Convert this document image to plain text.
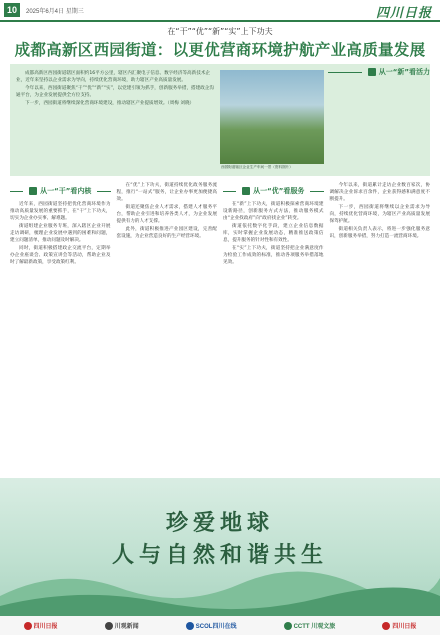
10	2025年6月4日 星期三	四川日报
在“干”“优”“新”“实”上下功夫
成都高新区西园街道：以更优营商环境护航产业高质量发展

成都高新区西园街道辖区面积约16平方公里，辖区内汇聚电子信息、数字经济等高新技术企业，近年来坚持以企业需求为导向，持续优化营商环境，助力辖区产业高质量发展。

今年以来，西园街道聚焦“干”“优”“新”“实”，以党建引领为抓手，创新服务举措，搭建政企沟通平台，为企业发展提供全方位支持。

下一步，西园街道将继续深化营商环境建设，推动辖区产业提质增效。（周梅 刘晓）

西园街道辖区企业生产车间一景（资料图片）
从一“新”看活力
从一“干”看内核

近年来，西园街道坚持把优化营商环境作为推动高质量发展的重要抓手，在“干”上下功夫，切实为企业办实事、解难题。

街道组建企业服务专班，深入辖区企业开展走访调研，梳理企业发展中遇到的困难和问题，建立问题清单，推动问题及时解决。

同时，街道积极搭建政企交流平台，定期举办企业座谈会、政策宣讲会等活动，帮助企业及时了解最新政策，享受政策红利。

在“优”上下功夫，街道持续优化政务服务流程，推行“一站式”服务，让企业办事更加便捷高效。

街道还聚焦企业人才需求，搭建人才服务平台，帮助企业引进和培养各类人才，为企业发展提供有力的人才支撑。

此外，街道积极推进产业园区建设，完善配套设施，为企业营造良好的生产经营环境。

从一“优”看服务

在“新”上下功夫，街道积极探索营商环境建设新路径，创新服务方式方法，推动服务模式由“企业找政府”向“政府找企业”转变。

街道依托数字化手段，建立企业信息数据库，实时掌握企业发展动态，精准推送政策信息，提升服务的针对性和有效性。

在“实”上下功夫，街道坚持把企业满意度作为检验工作成效的标准，推动各项服务举措落地见效。

今年以来，街道累计走访企业数百家次，协调解决企业诉求百余件，企业获得感和满意度不断提升。

下一步，西园街道将继续以企业需求为导向，持续优化营商环境，为辖区产业高质量发展保驾护航。

街道相关负责人表示，将进一步强化服务意识，创新服务举措，努力打造一流营商环境。

珍爱地球
人与自然和谐共生
四川日报	川观新闻	SCOL四川在线	CCTT 川观文旅	四川日报
